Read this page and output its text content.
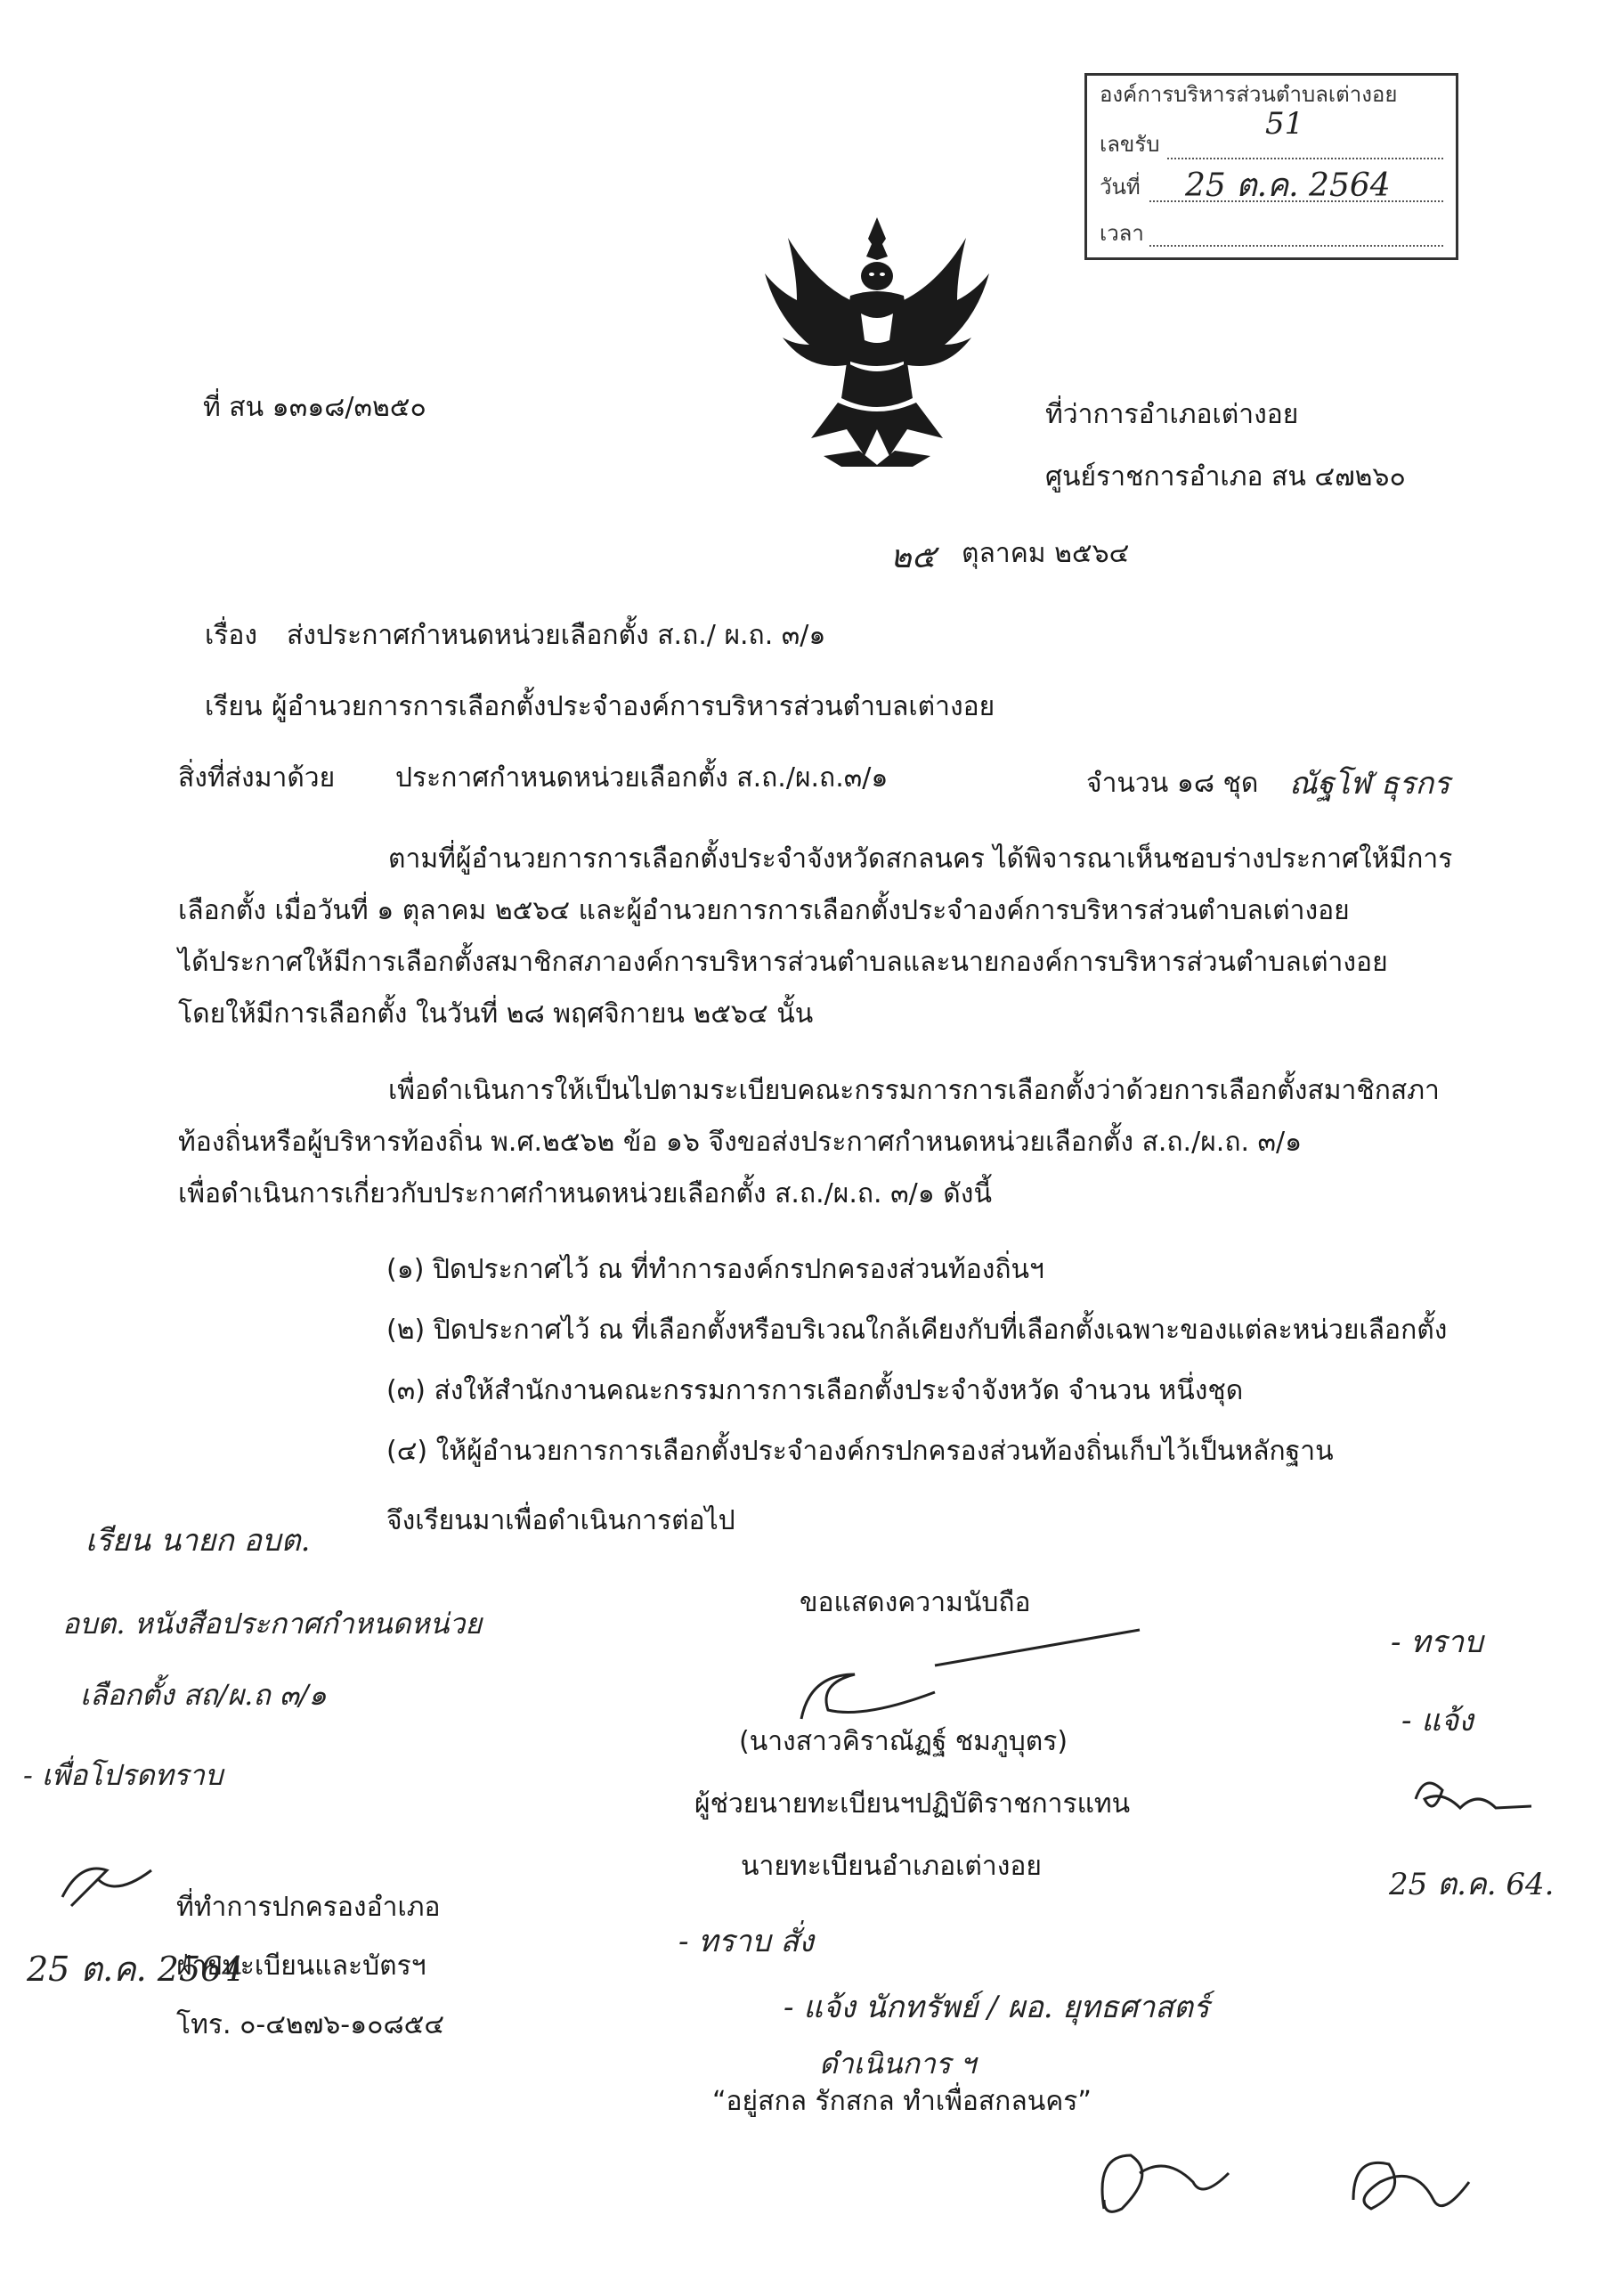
องค์การบริหารส่วนตำบลเต่างอย
เลขรับ
51
วันที่ 25 ต.ค. 2564
เวลา
ที่ สน ๑๓๑๘/๓๒๕๐	ที่ว่าการอำเภอเต่างอย
ศูนย์ราชการอำเภอ สน ๔๗๒๖๐
๒๕ ตุลาคม ๒๕๖๔
เรื่อง ส่งประกาศกำหนดหน่วยเลือกตั้ง ส.ถ./ ผ.ถ. ๓/๑
เรียน ผู้อำนวยการการเลือกตั้งประจำองค์การบริหารส่วนตำบลเต่างอย
สิ่งที่ส่งมาด้วย ประกาศกำหนดหน่วยเลือกตั้ง ส.ถ./ผ.ถ.๓/๑	จำนวน ๑๘ ชุด ณัฐโฬ ธุรกร
ตามที่ผู้อำนวยการการเลือกตั้งประจำจังหวัดสกลนคร ได้พิจารณาเห็นชอบร่างประกาศให้มีการ
เลือกตั้ง เมื่อวันที่ ๑ ตุลาคม ๒๕๖๔ และผู้อำนวยการการเลือกตั้งประจำองค์การบริหารส่วนตำบลเต่างอย
ได้ประกาศให้มีการเลือกตั้งสมาชิกสภาองค์การบริหารส่วนตำบลและนายกองค์การบริหารส่วนตำบลเต่างอย
โดยให้มีการเลือกตั้ง ในวันที่ ๒๘ พฤศจิกายน ๒๕๖๔ นั้น
เพื่อดำเนินการให้เป็นไปตามระเบียบคณะกรรมการการเลือกตั้งว่าด้วยการเลือกตั้งสมาชิกสภา
ท้องถิ่นหรือผู้บริหารท้องถิ่น พ.ศ.๒๕๖๒ ข้อ ๑๖ จึงขอส่งประกาศกำหนดหน่วยเลือกตั้ง ส.ถ./ผ.ถ. ๓/๑
เพื่อดำเนินการเกี่ยวกับประกาศกำหนดหน่วยเลือกตั้ง ส.ถ./ผ.ถ. ๓/๑ ดังนี้
(๑) ปิดประกาศไว้ ณ ที่ทำการองค์กรปกครองส่วนท้องถิ่นฯ
(๒) ปิดประกาศไว้ ณ ที่เลือกตั้งหรือบริเวณใกล้เคียงกับที่เลือกตั้งเฉพาะของแต่ละหน่วยเลือกตั้ง
(๓) ส่งให้สำนักงานคณะกรรมการการเลือกตั้งประจำจังหวัด จำนวน หนึ่งชุด
(๔) ให้ผู้อำนวยการการเลือกตั้งประจำองค์กรปกครองส่วนท้องถิ่นเก็บไว้เป็นหลักฐาน
จึงเรียนมาเพื่อดำเนินการต่อไป
ขอแสดงความนับถือ
(นางสาวคิราณัฏฐ์ ชมภูบุตร)
ผู้ช่วยนายทะเบียนฯปฏิบัติราชการแทน
นายทะเบียนอำเภอเต่างอย
ที่ทำการปกครองอำเภอ
ฝ่ายทะเบียนและบัตรฯ
โทร. ๐-๔๒๗๖-๑๐๘๕๔
“อยู่สกล รักสกล ทำเพื่อสกลนคร”
เรียน นายก อบต.
อบต. หนังสือประกาศกำหนดหน่วย
เลือกตั้ง สถ/ผ.ถ ๓/๑
- เพื่อโปรดทราบ
25 ต.ค. 2564
- ทราบ
- แจ้ง
25 ต.ค. 64.
- ทราบ สั่ง
- แจ้ง นักทรัพย์ / ผอ. ยุทธศาสตร์
ดำเนินการ ฯ
